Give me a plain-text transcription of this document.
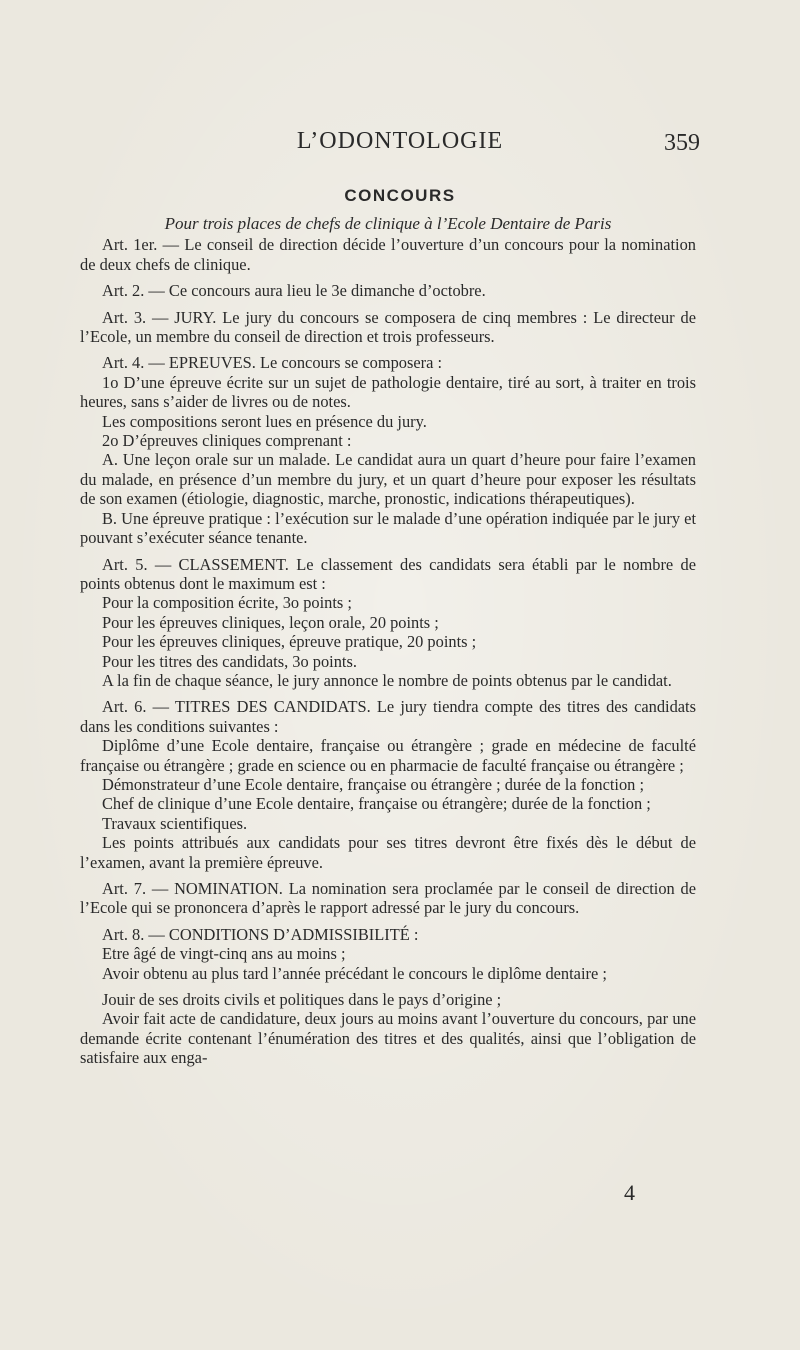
L’ODONTOLOGIE	359
CONCOURS
Pour trois places de chefs de clinique à l’Ecole Dentaire de Paris

Art. 1er. — Le conseil de direction décide l’ouverture d’un concours pour la nomination de deux chefs de clinique.

Art. 2. — Ce concours aura lieu le 3e dimanche d’octobre.

Art. 3. — JURY. Le jury du concours se composera de cinq membres : Le directeur de l’Ecole, un membre du conseil de direction et trois professeurs.

Art. 4. — EPREUVES. Le concours se composera :

1o D’une épreuve écrite sur un sujet de pathologie dentaire, tiré au sort, à traiter en trois heures, sans s’aider de livres ou de notes.

Les compositions seront lues en présence du jury.

2o D’épreuves cliniques comprenant :

A. Une leçon orale sur un malade. Le candidat aura un quart d’heure pour faire l’examen du malade, en présence d’un membre du jury, et un quart d’heure pour exposer les résultats de son examen (étiologie, diagnostic, marche, pronostic, indications thérapeutiques).

B. Une épreuve pratique : l’exécution sur le malade d’une opération indiquée par le jury et pouvant s’exécuter séance tenante.

Art. 5. — CLASSEMENT. Le classement des candidats sera établi par le nombre de points obtenus dont le maximum est :

Pour la composition écrite, 3o points ;

Pour les épreuves cliniques, leçon orale, 20 points ;

Pour les épreuves cliniques, épreuve pratique, 20 points ;

Pour les titres des candidats, 3o points.

A la fin de chaque séance, le jury annonce le nombre de points obtenus par le candidat.

Art. 6. — TITRES DES CANDIDATS. Le jury tiendra compte des titres des candidats dans les conditions suivantes :

Diplôme d’une Ecole dentaire, française ou étrangère ; grade en médecine de faculté française ou étrangère ; grade en science ou en pharmacie de faculté française ou étrangère ;

Démonstrateur d’une Ecole dentaire, française ou étrangère ; durée de la fonction ;

Chef de clinique d’une Ecole dentaire, française ou étrangère; durée de la fonction ;

Travaux scientifiques.

Les points attribués aux candidats pour ses titres devront être fixés dès le début de l’examen, avant la première épreuve.

Art. 7. — NOMINATION. La nomination sera proclamée par le conseil de direction de l’Ecole qui se prononcera d’après le rapport adressé par le jury du concours.

Art. 8. — CONDITIONS D’ADMISSIBILITÉ :

Etre âgé de vingt-cinq ans au moins ;

Avoir obtenu au plus tard l’année précédant le concours le diplôme dentaire ;

Jouir de ses droits civils et politiques dans le pays d’origine ;

Avoir fait acte de candidature, deux jours au moins avant l’ouverture du concours, par une demande écrite contenant l’énumération des titres et des qualités, ainsi que l’obligation de satisfaire aux enga-

4
